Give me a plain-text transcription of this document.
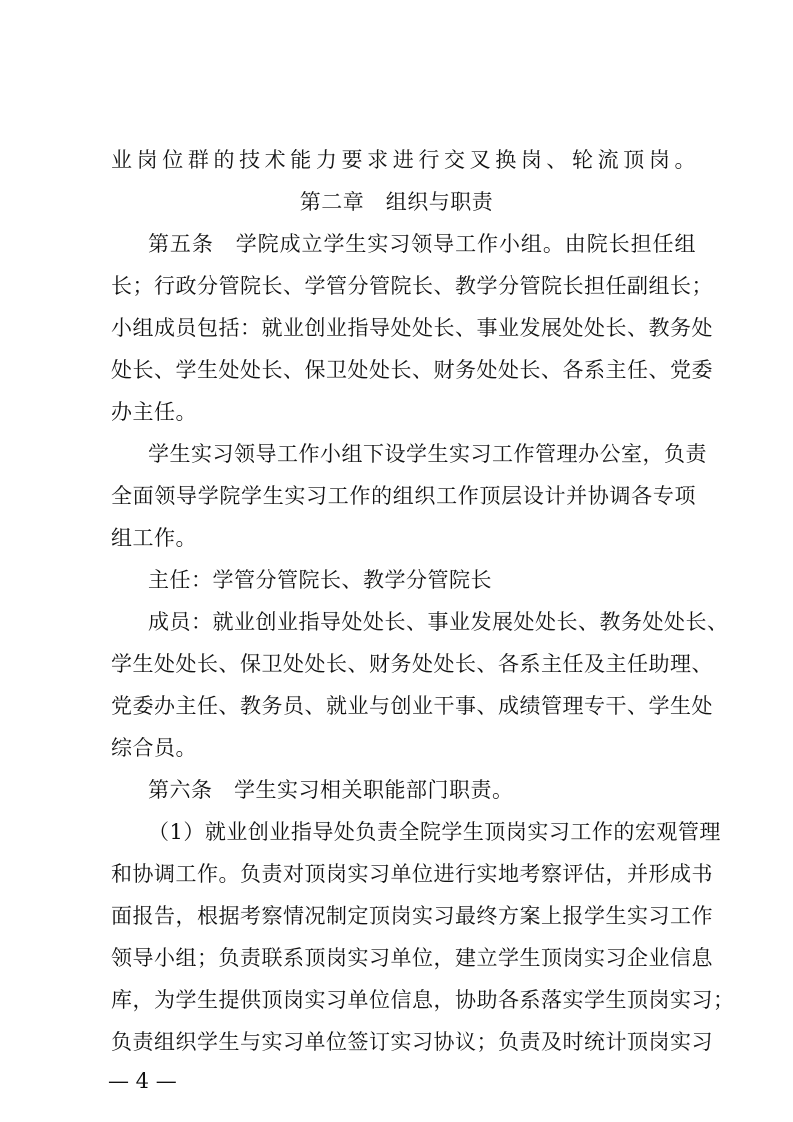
业岗位群的技术能力要求进行交叉换岗、轮流顶岗。
第二章　组织与职责
第五条　学院成立学生实习领导工作小组。由院长担任组
长；行政分管院长、学管分管院长、教学分管院长担任副组长；
小组成员包括：就业创业指导处处长、事业发展处处长、教务处
处长、学生处处长、保卫处处长、财务处处长、各系主任、党委
办主任。
学生实习领导工作小组下设学生实习工作管理办公室，负责
全面领导学院学生实习工作的组织工作顶层设计并协调各专项
组工作。
主任：学管分管院长、教学分管院长
成员：就业创业指导处处长、事业发展处处长、教务处处长、
学生处处长、保卫处处长、财务处处长、各系主任及主任助理、
党委办主任、教务员、就业与创业干事、成绩管理专干、学生处
综合员。
第六条　学生实习相关职能部门职责。
（1）就业创业指导处负责全院学生顶岗实习工作的宏观管理
和协调工作。负责对顶岗实习单位进行实地考察评估，并形成书
面报告，根据考察情况制定顶岗实习最终方案上报学生实习工作
领导小组；负责联系顶岗实习单位，建立学生顶岗实习企业信息
库，为学生提供顶岗实习单位信息，协助各系落实学生顶岗实习；
负责组织学生与实习单位签订实习协议；负责及时统计顶岗实习
— 4 —
